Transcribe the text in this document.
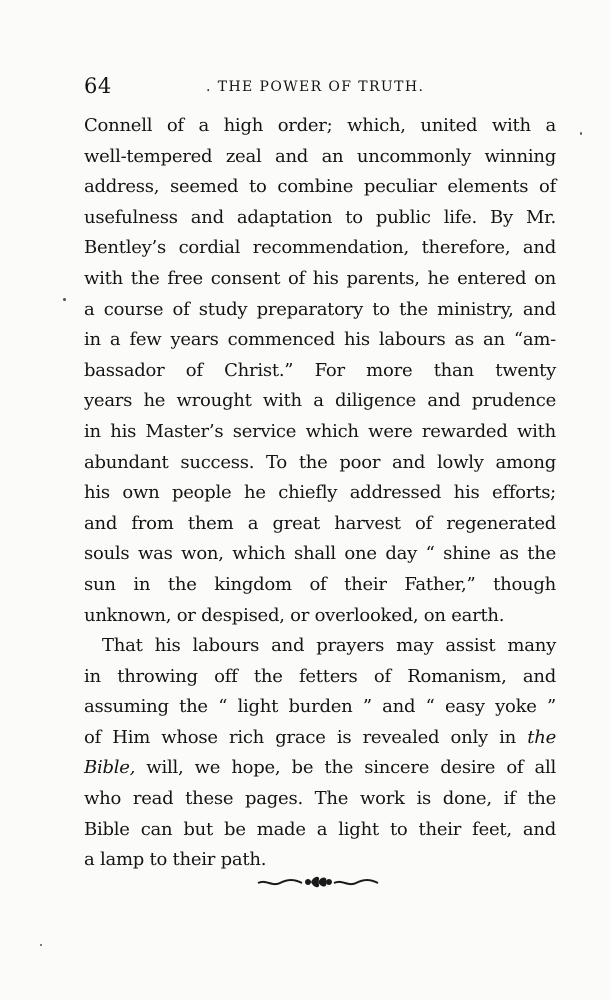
64	. THE POWER OF TRUTH.
Connell of a high order; which, united with a
well-tempered zeal and an uncommonly winning
address, seemed to combine peculiar elements of
usefulness and adaptation to public life. By Mr.
Bentley’s cordial recommendation, therefore, and
with the free consent of his parents, he entered on
a course of study preparatory to the ministry, and
in a few years commenced his labours as an “am-
bassador of Christ.” For more than twenty
years he wrought with a diligence and prudence
in his Master’s service which were rewarded with
abundant success. To the poor and lowly among
his own people he chiefly addressed his efforts;
and from them a great harvest of regenerated
souls was won, which shall one day “ shine as the
sun in the kingdom of their Father,” though
unknown, or despised, or overlooked, on earth.
That his labours and prayers may assist many
in throwing off the fetters of Romanism, and
assuming the “ light burden ” and “ easy yoke ”
of Him whose rich grace is revealed only in the
Bible, will, we hope, be the sincere desire of all
who read these pages. The work is done, if the
Bible can but be made a light to their feet, and
a lamp to their path.
